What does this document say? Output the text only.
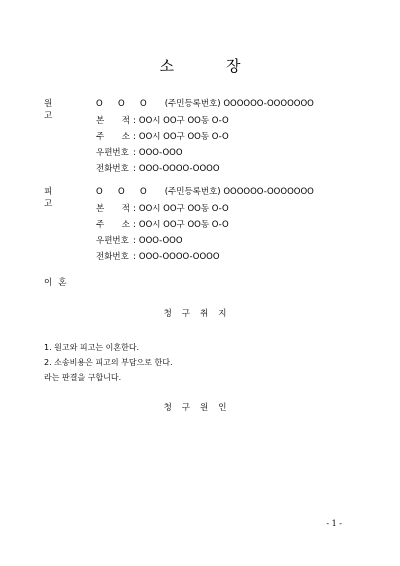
소	장
원 고
O O O (주민등록번호) OOOOOO-OOOOOOO
본 적 : OO시 OO구 OO동 O-O
주 소 : OO시 OO구 OO동 O-O
우편번호 : OOO-OOO
전화번호 : OOO-OOOO-OOOO
피 고
O O O (주민등록번호) OOOOOO-OOOOOOO
본 적 : OO시 OO구 OO동 O-O
주 소 : OO시 OO구 OO동 O-O
우편번호 : OOO-OOO
전화번호 : OOO-OOOO-OOOO
이혼
청구취지
1. 원고와 피고는 이혼한다.
2. 소송비용은 피고의 부담으로 한다.
라는 판결을 구합니다.
청구원인
- 1 -
